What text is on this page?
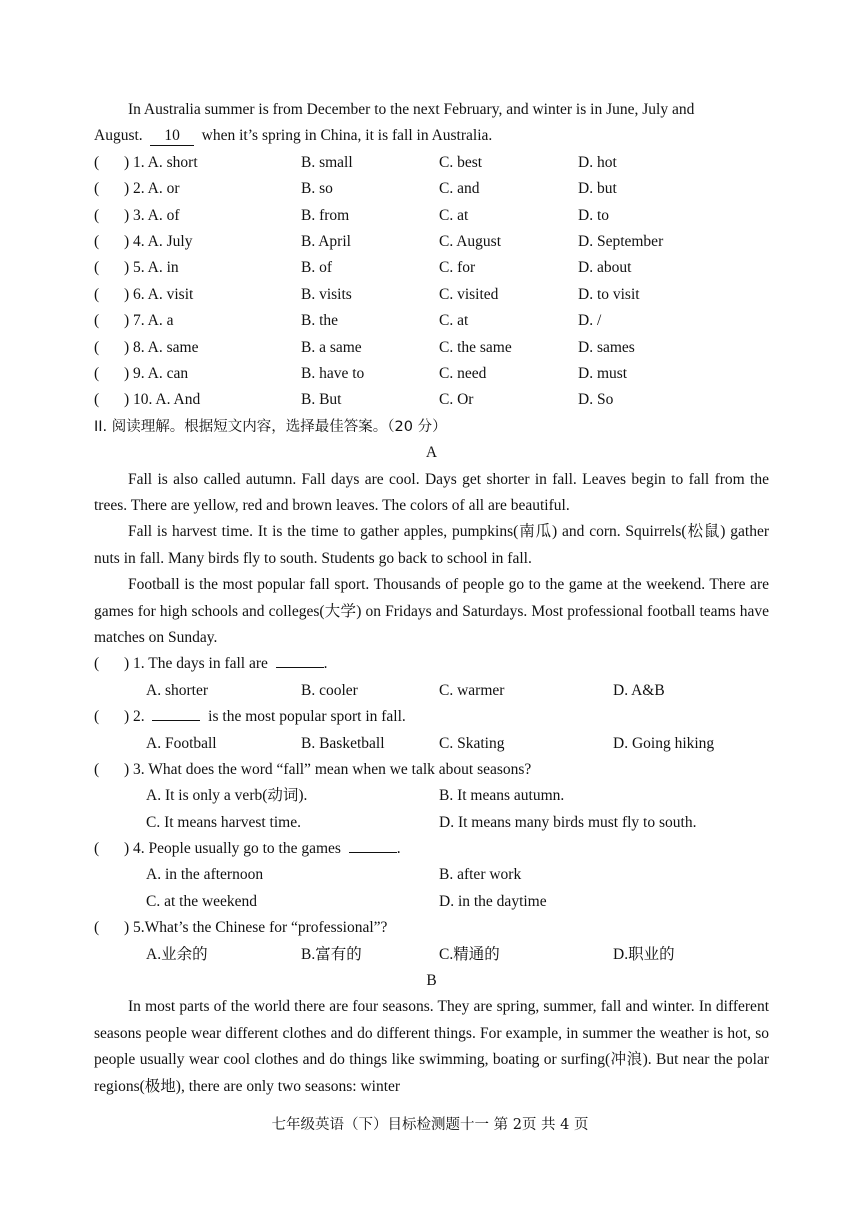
In Australia summer is from December to the next February, and winter is in June, July and

August. 10 when it’s spring in China, it is fall in Australia.

( ) 1. A. short	B. small	C. best	D. hot
( ) 2. A. or	B. so	C. and	D. but
( ) 3. A. of	B. from	C. at	D. to
( ) 4. A. July	B. April	C. August	D. September
( ) 5. A. in	B. of	C. for	D. about
( ) 6. A. visit	B. visits	C. visited	D. to visit
( ) 7. A. a	B. the	C. at	D. /
( ) 8. A. same	B. a same	C. the same	D. sames
( ) 9. A. can	B. have to	C. need	D. must
( ) 10. A. And	B. But	C. Or	D. So

II. 阅读理解。根据短文内容，选择最佳答案。（20 分）

A

Fall is also called autumn. Fall days are cool. Days get shorter in fall. Leaves begin to fall from the trees. There are yellow, red and brown leaves. The colors of all are beautiful.

Fall is harvest time. It is the time to gather apples, pumpkins(南瓜) and corn. Squirrels(松鼠) gather nuts in fall. Many birds fly to south. Students go back to school in fall.

Football is the most popular fall sport. Thousands of people go to the game at the weekend. There are games for high schools and colleges(大学) on Fridays and Saturdays. Most professional football teams have matches on Sunday.

( ) 1. The days in fall are	.
A. shorter	B. cooler	C. warmer	D. A&B
( ) 2.	is the most popular sport in fall.
A. Football	B. Basketball	C. Skating	D. Going hiking
( ) 3. What does the word “fall” mean when we talk about seasons?
A. It is only a verb(动词).	B. It means autumn.
C. It means harvest time.	D. It means many birds must fly to south.
( ) 4. People usually go to the games	.
A. in the afternoon	B. after work
C. at the weekend	D. in the daytime
( ) 5.What’s the Chinese for “professional”?
A.业余的	B.富有的	C.精通的	D.职业的

B

In most parts of the world there are four seasons. They are spring, summer, fall and winter. In different seasons people wear different clothes and do different things. For example, in summer the weather is hot, so people usually wear cool clothes and do things like swimming, boating or surfing(冲浪). But near the polar regions(极地), there are only two seasons: winter

七年级英语（下）目标检测题十一 第 2页 共 4 页
